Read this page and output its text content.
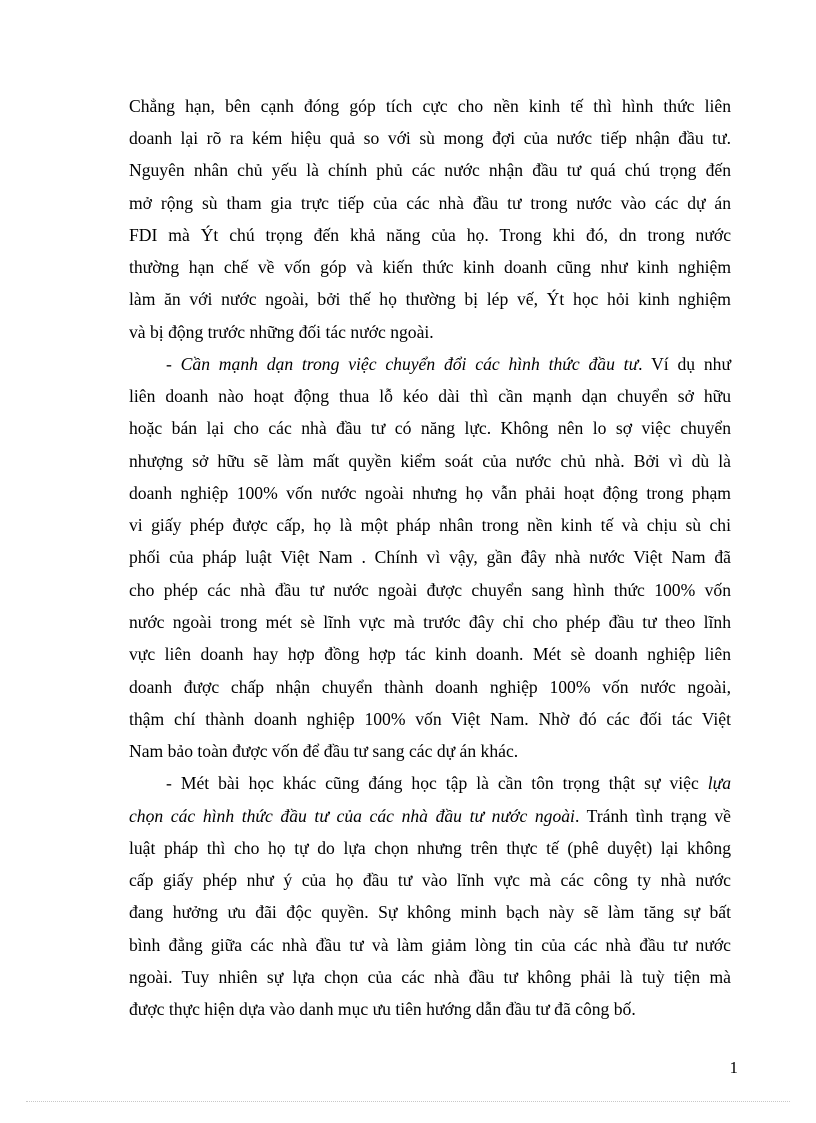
Chẳng hạn, bên cạnh đóng góp tích cực cho nền kinh tế thì hình thức liên
doanh lại rõ ra kém hiệu quả so với sù mong đợi của nước tiếp nhận đầu tư.
Nguyên nhân chủ yếu là chính phủ các nước nhận đầu tư quá chú trọng đến
mở rộng sù tham gia trực tiếp của các nhà đầu tư trong nước vào các dự án
FDI mà Ýt chú trọng đến khả năng của họ. Trong khi đó, dn trong nước
thường hạn chế về vốn góp và kiến thức kinh doanh cũng như kinh nghiệm
làm ăn với nước ngoài, bởi thế họ thường bị lép vế, Ýt học hỏi kinh nghiệm
và bị động trước những đối tác nước ngoài.
- Cần mạnh dạn trong việc chuyển đổi các hình thức đầu tư. Ví dụ như
liên doanh nào hoạt động thua lỗ kéo dài thì cần mạnh dạn chuyển sở hữu
hoặc bán lại cho các nhà đầu tư có năng lực. Không nên lo sợ việc chuyển
nhượng sở hữu sẽ làm mất quyền kiểm soát của nước chủ nhà. Bởi vì dù là
doanh nghiệp 100% vốn nước ngoài nhưng họ vẫn phải hoạt động trong phạm
vi giấy phép được cấp, họ là một pháp nhân trong nền kinh tế và chịu sù chi
phối của pháp luật Việt Nam . Chính vì vậy, gần đây nhà nước Việt Nam đã
cho phép các nhà đầu tư nước ngoài được chuyển sang hình thức 100% vốn
nước ngoài trong mét sè lĩnh vực mà trước đây chỉ cho phép đầu tư theo lĩnh
vực liên doanh hay hợp đồng hợp tác kinh doanh. Mét sè doanh nghiệp liên
doanh được chấp nhận chuyển thành doanh nghiệp 100% vốn nước ngoài,
thậm chí thành doanh nghiệp 100% vốn Việt Nam. Nhờ đó các đối tác Việt
Nam bảo toàn được vốn để đầu tư sang các dự án khác.
- Mét bài học khác cũng đáng học tập là cần tôn trọng thật sự việc lựa
chọn các hình thức đầu tư của các nhà đầu tư nước ngoài. Tránh tình trạng về
luật pháp thì cho họ tự do lựa chọn nhưng trên thực tế (phê duyệt) lại không
cấp giấy phép như ý của họ đầu tư vào lĩnh vực mà các công ty nhà nước
đang hưởng ưu đãi độc quyền. Sự không minh bạch này sẽ làm tăng sự bất
bình đẳng giữa các nhà đầu tư và làm giảm lòng tin của các nhà đầu tư nước
ngoài. Tuy nhiên sự lựa chọn của các nhà đầu tư không phải là tuỳ tiện mà
được thực hiện dựa vào danh mục ưu tiên hướng dẫn đầu tư đã công bố.
1
